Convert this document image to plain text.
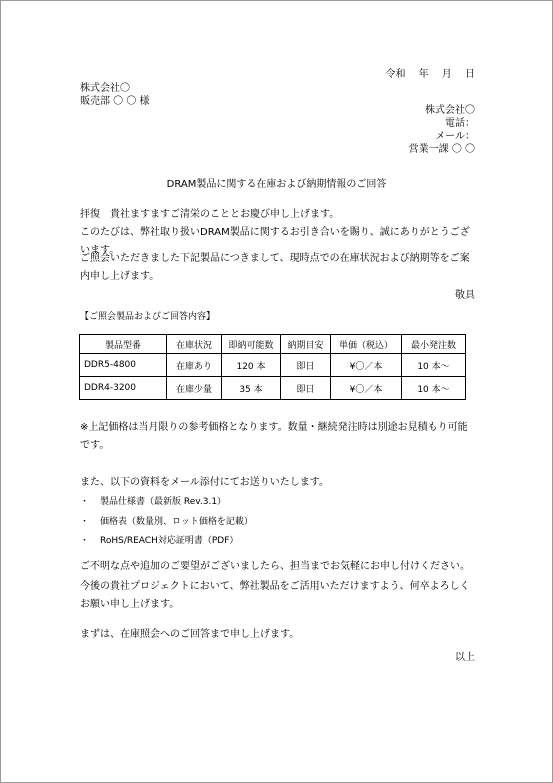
令和　 年　 月　 日
株式会社〇
販売部 〇 〇 様
株式会社〇
電話：
メール：
営業一課 〇 〇
DRAM製品に関する在庫および納期情報のご回答
拝復　貴社ますますご清栄のこととお慶び申し上げます。
このたびは、弊社取り扱いDRAM製品に関するお引き合いを賜り、誠にありがとうございます。
ご照会いただきました下記製品につきまして、現時点での在庫状況および納期等をご案内申し上げます。
敬具
【ご照会製品およびご回答内容】
製品型番	在庫状況	即納可能数	納期目安	単価（税込）	最小発注数
DDR5-4800	在庫あり	120 本	即日	¥〇／本	10 本〜
DDR4-3200	在庫少量	35 本	即日	¥〇／本	10 本〜
※上記価格は当月限りの参考価格となります。数量・継続発注時は別途お見積もり可能です。
また、以下の資料をメール添付にてお送りいたします。
・ 製品仕様書（最新版 Rev.3.1）
・ 価格表（数量別、ロット価格を記載）
・ RoHS/REACH対応証明書（PDF）
ご不明な点や追加のご要望がございましたら、担当までお気軽にお申し付けください。
今後の貴社プロジェクトにおいて、弊社製品をご活用いただけますよう、何卒よろしくお願い申し上げます。
まずは、在庫照会へのご回答まで申し上げます。
以上
